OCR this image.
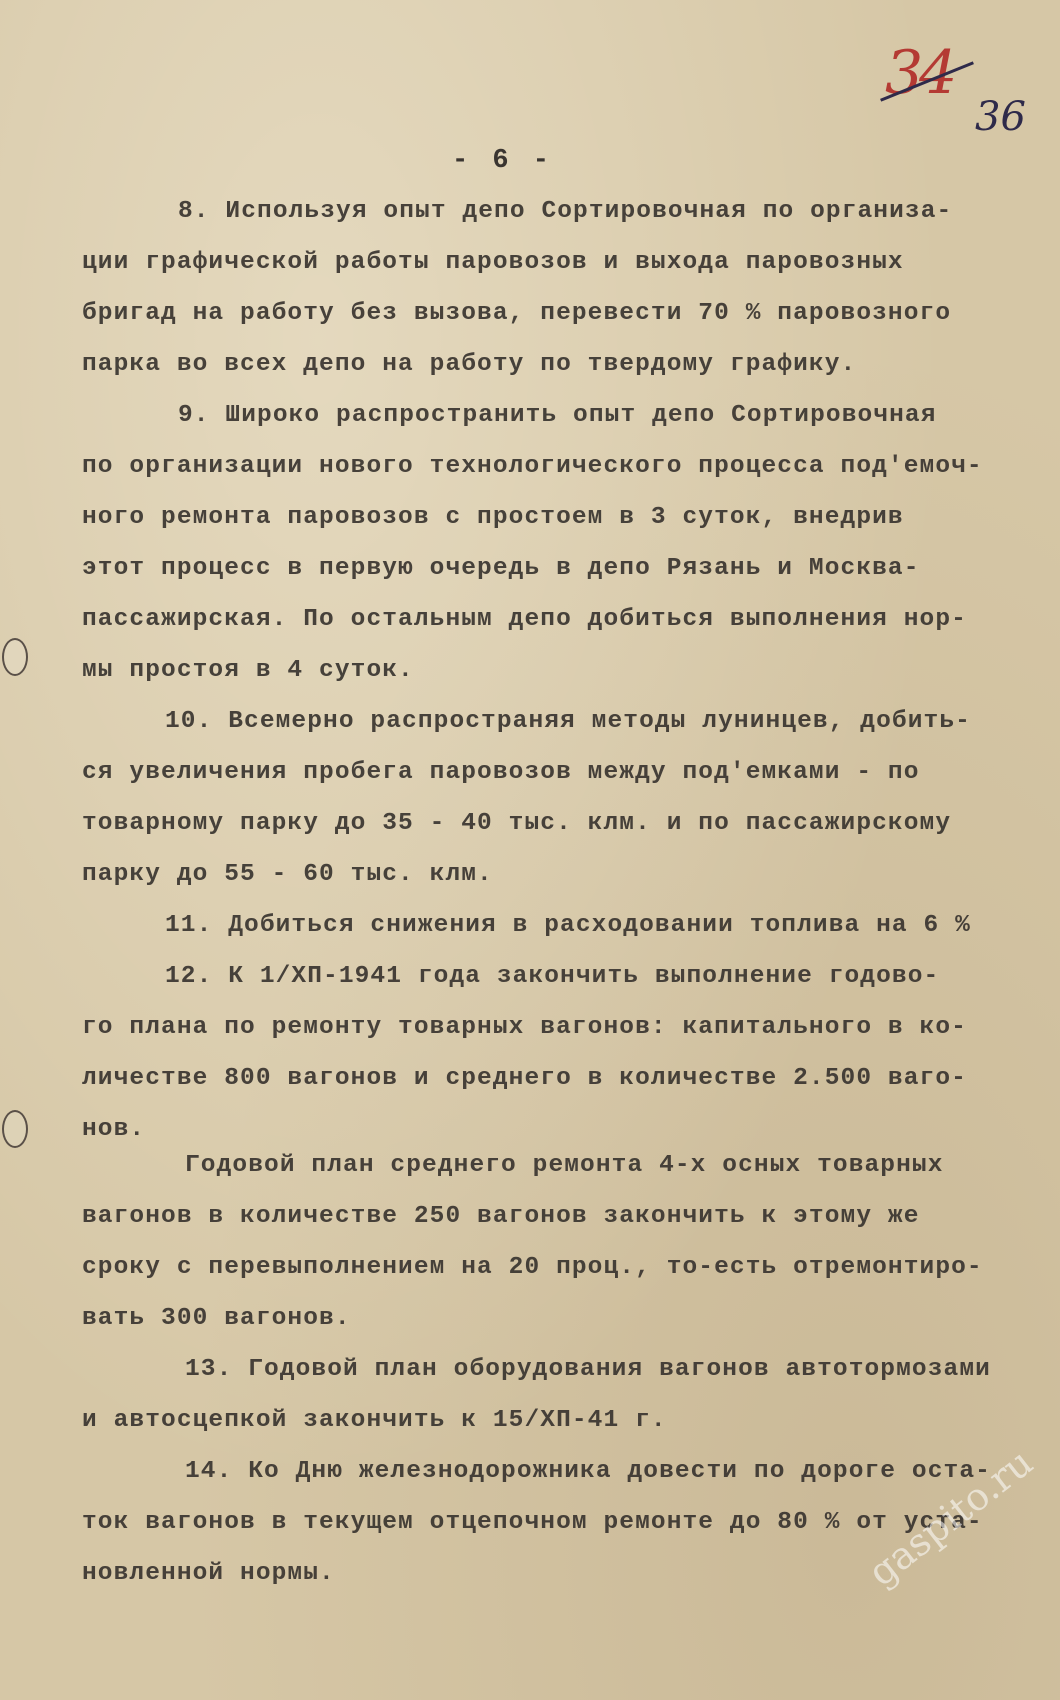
34
36
- 6 -
8. Используя опыт депо Сортировочная по организа-
ции графической работы паровозов и выхода паровозных
бригад на работу без вызова, перевести 70 % паровозного
парка во всех депо на работу по твердому графику.
9. Широко распространить опыт депо Сортировочная
по организации нового технологического процесса под'емоч-
ного ремонта паровозов с простоем в 3 суток, внедрив
этот процесс в первую очередь в депо Рязань и Москва-
пассажирская. По остальным депо добиться выполнения нор-
мы простоя в 4 суток.
10. Всемерно распространяя методы лунинцев, добить-
ся увеличения пробега паровозов между под'емками - по
товарному парку до 35 - 40 тыс. клм. и по пассажирскому
парку до 55 - 60 тыс. клм.
11. Добиться снижения в расходовании топлива на 6 %
12. К 1/ХП-1941 года закончить выполнение годово-
го плана по ремонту товарных вагонов: капитального в ко-
личестве 800 вагонов и среднего в количестве 2.500 ваго-
нов.
Годовой план среднего ремонта 4-х осных товарных
вагонов в количестве 250 вагонов закончить к этому же
сроку с перевыполнением на 20 проц., то-есть отремонтиро-
вать 300 вагонов.
13. Годовой план оборудования вагонов автотормозами
и автосцепкой закончить к 15/ХП-41 г.
14. Ко Дню железнодорожника довести по дороге оста-
ток вагонов в текущем отцепочном ремонте до 80 % от уста-
новленной нормы.	gaspito.ru
